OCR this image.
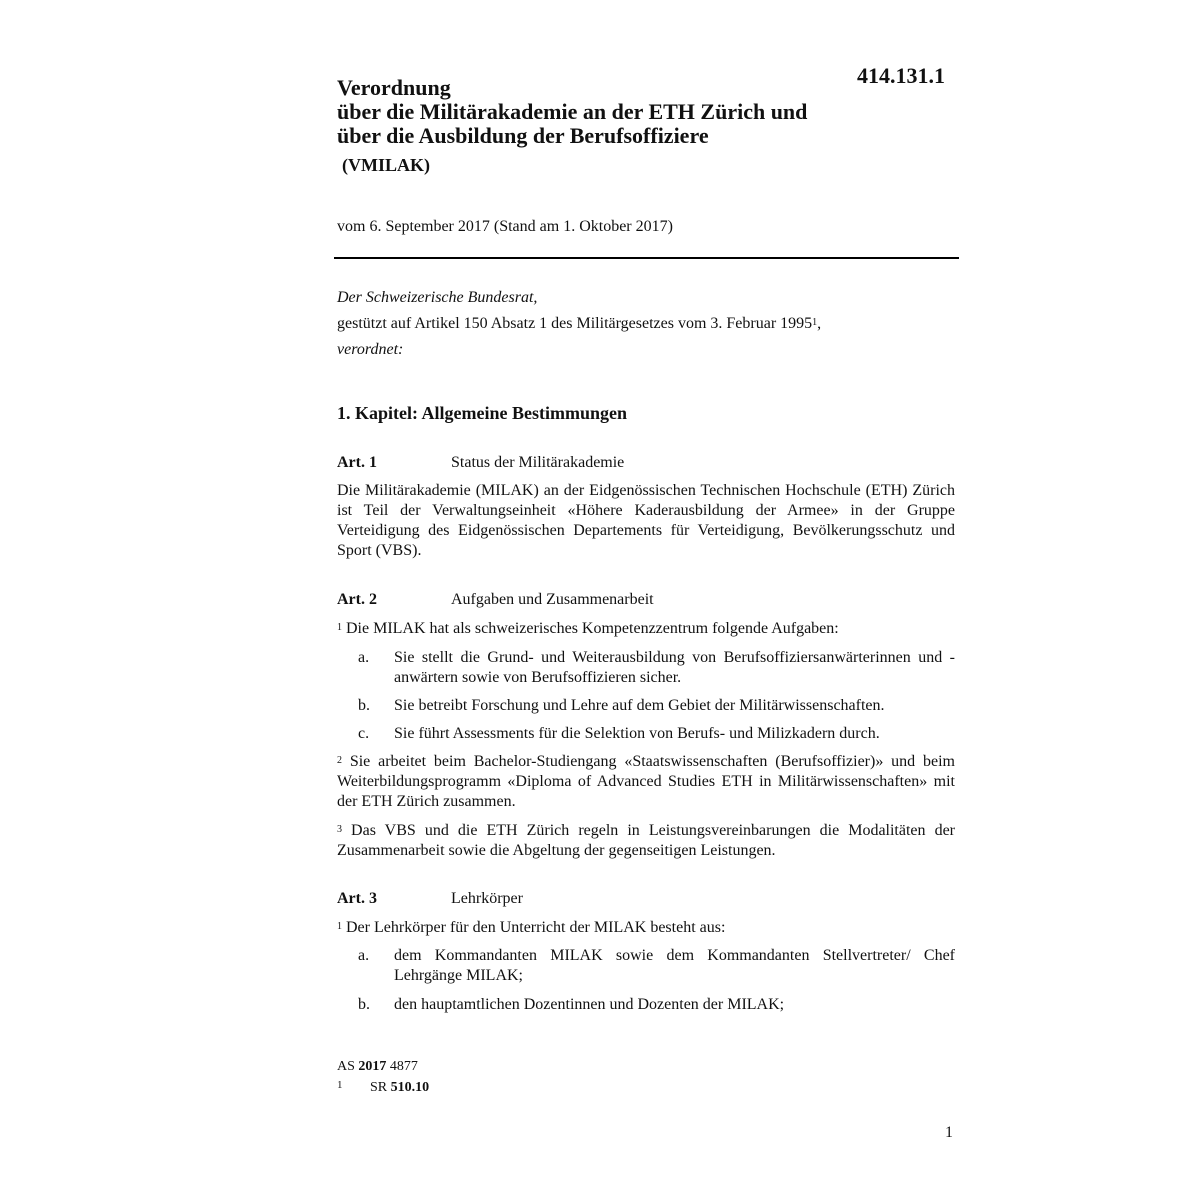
414.131.1
Verordnung
über die Militärakademie an der ETH Zürich und
über die Ausbildung der Berufsoffiziere
(VMILAK)
vom 6. September 2017 (Stand am 1. Oktober 2017)
Der Schweizerische Bundesrat,
gestützt auf Artikel 150 Absatz 1 des Militärgesetzes vom 3. Februar 1995$^1$,
verordnet:
1. Kapitel: Allgemeine Bestimmungen
Art. 1	Status der Militärakademie
Die Militärakademie (MILAK) an der Eidgenössischen Technischen Hochschule (ETH) Zürich ist Teil der Verwaltungseinheit «Höhere Kaderausbildung der Armee» in der Gruppe Verteidigung des Eidgenössischen Departements für Verteidigung, Bevölkerungsschutz und Sport (VBS).
Art. 2	Aufgaben und Zusammenarbeit
$^1$ Die MILAK hat als schweizerisches Kompetenzzentrum folgende Aufgaben:
a. Sie stellt die Grund- und Weiterausbildung von Berufsoffiziersanwärterinnen und -anwärtern sowie von Berufsoffizieren sicher.
b. Sie betreibt Forschung und Lehre auf dem Gebiet der Militärwissenschaften.
c. Sie führt Assessments für die Selektion von Berufs- und Milizkadern durch.
$^2$ Sie arbeitet beim Bachelor-Studiengang «Staatswissenschaften (Berufsoffizier)» und beim Weiterbildungsprogramm «Diploma of Advanced Studies ETH in Militärwissenschaften» mit der ETH Zürich zusammen.
$^3$ Das VBS und die ETH Zürich regeln in Leistungsvereinbarungen die Modalitäten der Zusammenarbeit sowie die Abgeltung der gegenseitigen Leistungen.
Art. 3	Lehrkörper
$^1$ Der Lehrkörper für den Unterricht der MILAK besteht aus:
a. dem Kommandanten MILAK sowie dem Kommandanten Stellvertreter/ Chef Lehrgänge MILAK;
b. den hauptamtlichen Dozentinnen und Dozenten der MILAK;
AS 2017 4877
1 SR 510.10
1
